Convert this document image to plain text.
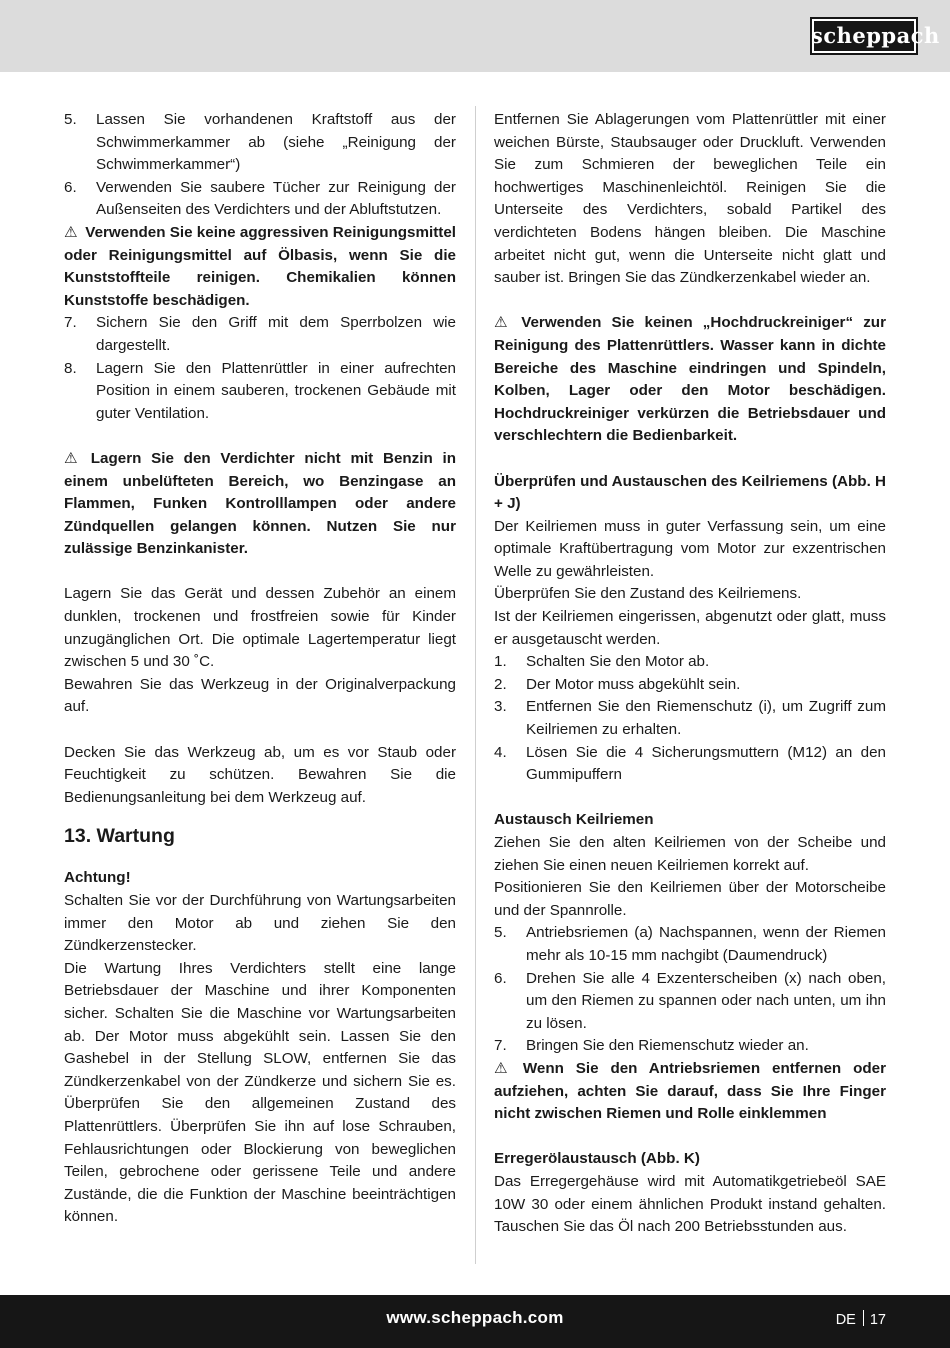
scheppach
5.	Lassen Sie vorhandenen Kraftstoff aus der Schwimmerkammer ab (siehe „Reinigung der Schwimmerkammer“)
6.	Verwenden Sie saubere Tücher zur Reinigung der Außenseiten des Verdichters und der Abluftstutzen.

⚠ Verwenden Sie keine aggressiven Reinigungsmittel oder Reinigungsmittel auf Ölbasis, wenn Sie die Kunststoffteile reinigen. Chemikalien können Kunststoffe beschädigen.

7.	Sichern Sie den Griff mit dem Sperrbolzen wie dargestellt.
8.	Lagern Sie den Plattenrüttler in einer aufrechten Position in einem sauberen, trockenen Gebäude mit guter Ventilation.

⚠ Lagern Sie den Verdichter nicht mit Benzin in einem unbelüfteten Bereich, wo Benzingase an Flammen, Funken Kontrolllampen oder andere Zündquellen gelangen können. Nutzen Sie nur zulässige Benzinkanister.

Lagern Sie das Gerät und dessen Zubehör an einem dunklen, trockenen und frostfreien sowie für Kinder unzugänglichen Ort. Die optimale Lagertemperatur liegt zwischen 5 und 30 ˚C.

Bewahren Sie das Werkzeug in der Originalverpackung auf.

Decken Sie das Werkzeug ab, um es vor Staub oder Feuchtigkeit zu schützen. Bewahren Sie die Bedienungsanleitung bei dem Werkzeug auf.

13. Wartung

Achtung!

Schalten Sie vor der Durchführung von Wartungsarbeiten immer den Motor ab und ziehen Sie den Zündkerzenstecker.

Die Wartung Ihres Verdichters stellt eine lange Betriebsdauer der Maschine und ihrer Komponenten sicher. Schalten Sie die Maschine vor Wartungsarbeiten ab. Der Motor muss abgekühlt sein. Lassen Sie den Gashebel in der Stellung SLOW, entfernen Sie das Zündkerzenkabel von der Zündkerze und sichern Sie es. Überprüfen Sie den allgemeinen Zustand des Plattenrüttlers. Überprüfen Sie ihn auf lose Schrauben, Fehlausrichtungen oder Blockierung von beweglichen Teilen, gebrochene oder gerissene Teile und andere Zustände, die die Funktion der Maschine beeinträchtigen können.

Entfernen Sie Ablagerungen vom Plattenrüttler mit einer weichen Bürste, Staubsauger oder Druckluft. Verwenden Sie zum Schmieren der beweglichen Teile ein hochwertiges Maschinenleichtöl. Reinigen Sie die Unterseite des Verdichters, sobald Partikel des verdichteten Bodens hängen bleiben. Die Maschine arbeitet nicht gut, wenn die Unterseite nicht glatt und sauber ist. Bringen Sie das Zündkerzenkabel wieder an.

⚠ Verwenden Sie keinen „Hochdruckreiniger“ zur Reinigung des Plattenrüttlers. Wasser kann in dichte Bereiche des Maschine eindringen und Spindeln, Kolben, Lager oder den Motor beschädigen. Hochdruckreiniger verkürzen die Betriebsdauer und verschlechtern die Bedienbarkeit.

Überprüfen und Austauschen des Keilriemens (Abb. H + J)

Der Keilriemen muss in guter Verfassung sein, um eine optimale Kraftübertragung vom Motor zur exzentrischen Welle zu gewährleisten.

Überprüfen Sie den Zustand des Keilriemens.

Ist der Keilriemen eingerissen, abgenutzt oder glatt, muss er ausgetauscht werden.

1.	Schalten Sie den Motor ab.
2.	Der Motor muss abgekühlt sein.
3.	Entfernen Sie den Riemenschutz (i), um Zugriff zum Keilriemen zu erhalten.
4.	Lösen Sie die 4 Sicherungsmuttern (M12) an den Gummipuffern

Austausch Keilriemen

Ziehen Sie den alten Keilriemen von der Scheibe und ziehen Sie einen neuen Keilriemen korrekt auf.

Positionieren Sie den Keilriemen über der Motorscheibe und der Spannrolle.

5.	Antriebsriemen (a) Nachspannen, wenn der Riemen mehr als 10-15 mm nachgibt (Daumendruck)
6.	Drehen Sie alle 4 Exzenterscheiben (x) nach oben, um den Riemen zu spannen oder nach unten, um ihn zu lösen.
7.	Bringen Sie den Riemenschutz wieder an.

⚠ Wenn Sie den Antriebsriemen entfernen oder aufziehen, achten Sie darauf, dass Sie Ihre Finger nicht zwischen Riemen und Rolle einklemmen

Erregerölaustausch (Abb. K)

Das Erregergehäuse wird mit Automatikgetriebeöl SAE 10W 30 oder einem ähnlichen Produkt instand gehalten. Tauschen Sie das Öl nach 200 Betriebsstunden aus.

www.scheppach.com	DE 17
